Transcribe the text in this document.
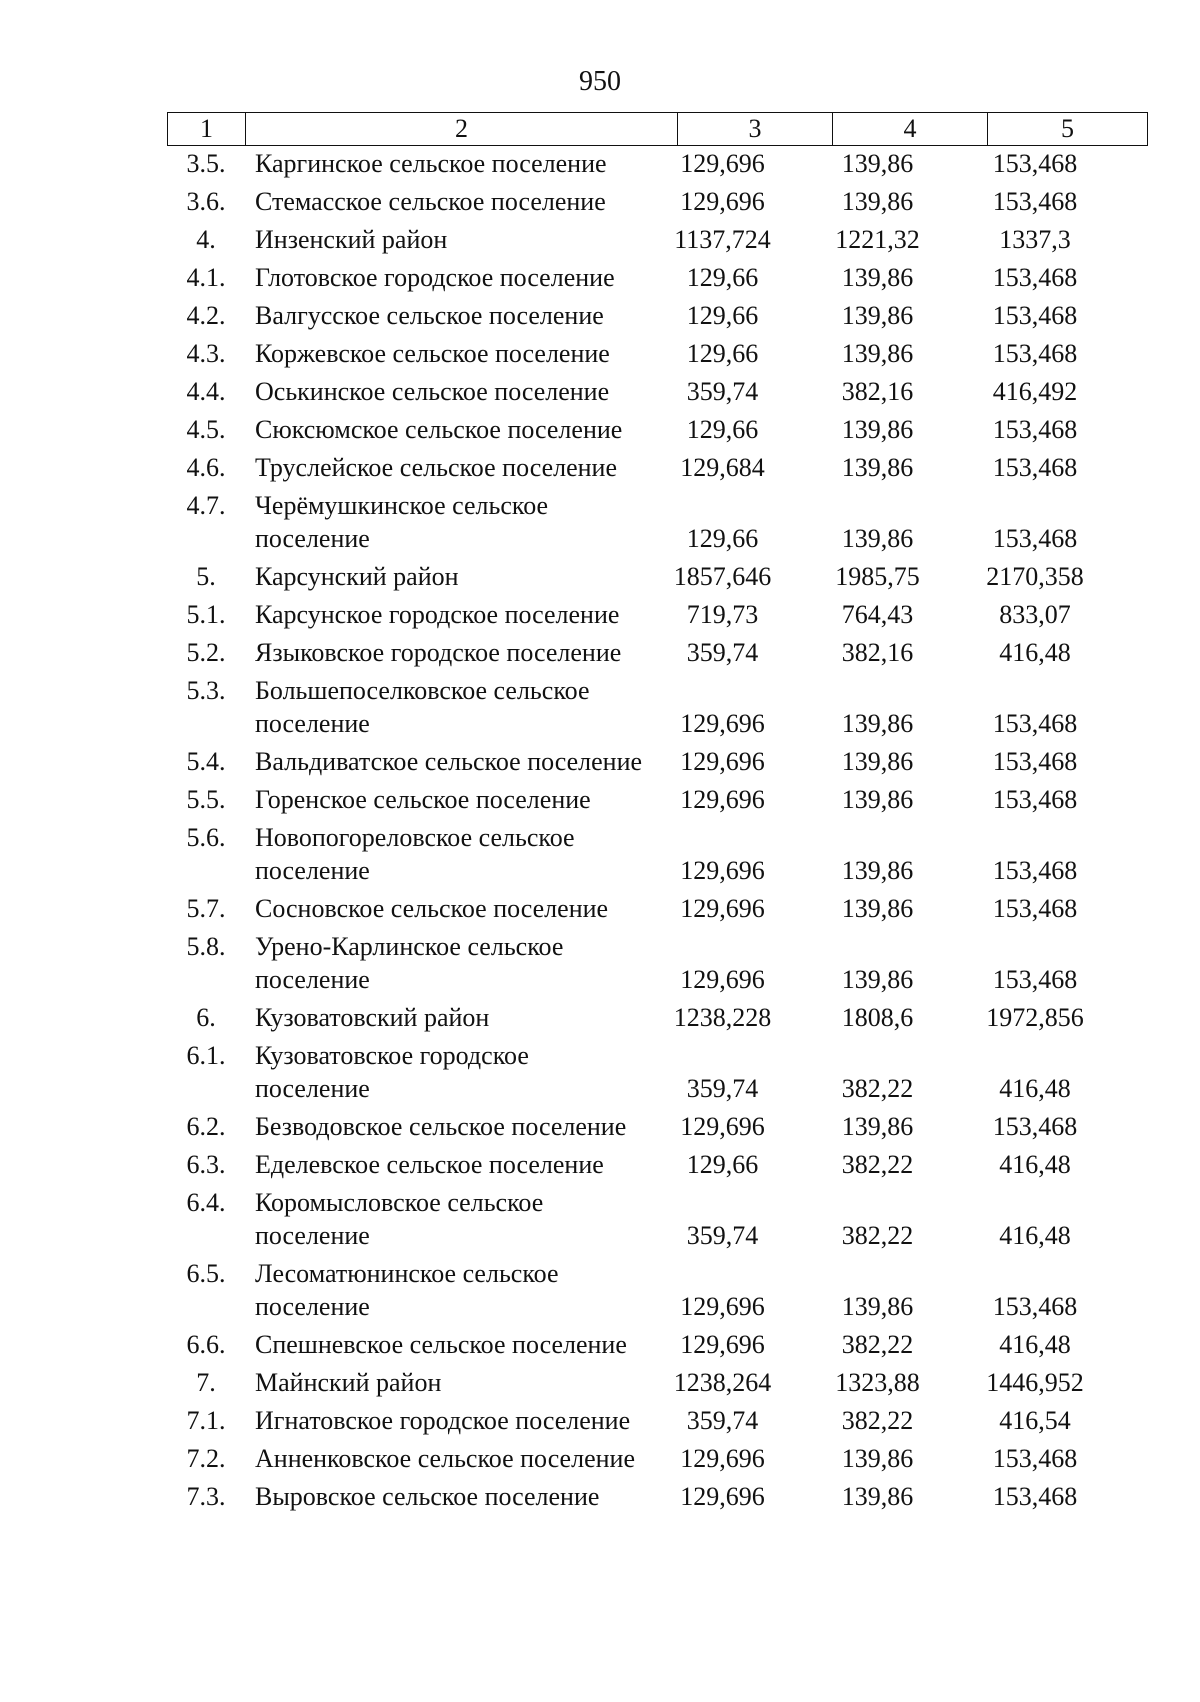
950
1	2	3	4	5
3.5.	Каргинское сельское поселение	129,696	139,86	153,468
3.6.	Стемасское сельское поселение	129,696	139,86	153,468
4.	Инзенский район	1137,724	1221,32	1337,3
4.1.	Глотовское городское поселение	129,66	139,86	153,468
4.2.	Валгусское сельское поселение	129,66	139,86	153,468
4.3.	Коржевское сельское поселение	129,66	139,86	153,468
4.4.	Оськинское сельское поселение	359,74	382,16	416,492
4.5.	Сюксюмское сельское поселение	129,66	139,86	153,468
4.6.	Труслейское сельское поселение	129,684	139,86	153,468
4.7.	Черёмушкинское сельское поселение	129,66	139,86	153,468
5.	Карсунский район	1857,646	1985,75	2170,358
5.1.	Карсунское городское поселение	719,73	764,43	833,07
5.2.	Языковское городское поселение	359,74	382,16	416,48
5.3.	Большепоселковское сельское поселение	129,696	139,86	153,468
5.4.	Вальдиватское сельское поселение	129,696	139,86	153,468
5.5.	Горенское сельское поселение	129,696	139,86	153,468
5.6.	Новопогореловское сельское поселение	129,696	139,86	153,468
5.7.	Сосновское сельское поселение	129,696	139,86	153,468
5.8.	Урено-Карлинское сельское поселение	129,696	139,86	153,468
6.	Кузоватовский район	1238,228	1808,6	1972,856
6.1.	Кузоватовское городское поселение	359,74	382,22	416,48
6.2.	Безводовское сельское поселение	129,696	139,86	153,468
6.3.	Еделевское сельское поселение	129,66	382,22	416,48
6.4.	Коромысловское сельское поселение	359,74	382,22	416,48
6.5.	Лесоматюнинское сельское поселение	129,696	139,86	153,468
6.6.	Спешневское сельское поселение	129,696	382,22	416,48
7.	Майнский район	1238,264	1323,88	1446,952
7.1.	Игнатовское городское поселение	359,74	382,22	416,54
7.2.	Анненковское сельское поселение	129,696	139,86	153,468
7.3.	Выровское сельское поселение	129,696	139,86	153,468
